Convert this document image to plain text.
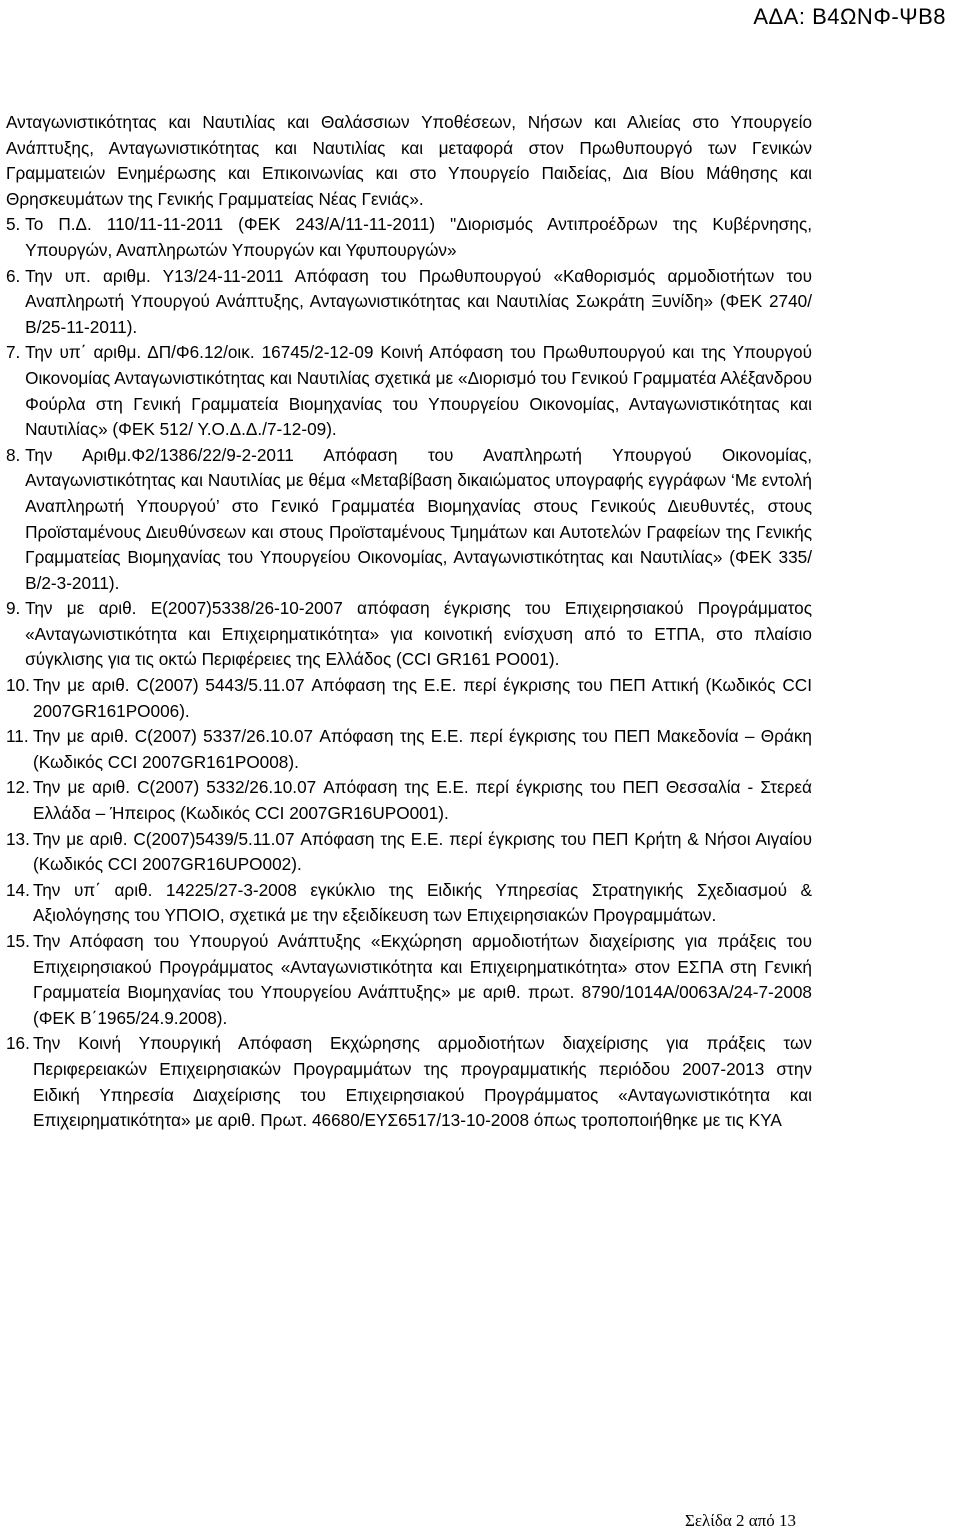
ΑΔΑ: Β4ΩΝΦ-ΨΒ8

Ανταγωνιστικότητας και Ναυτιλίας και Θαλάσσιων Υποθέσεων, Νήσων και Αλιείας στο Υπουργείο Ανάπτυξης, Ανταγωνιστικότητας και Ναυτιλίας και μεταφορά στον Πρωθυπουργό των Γενικών Γραμματειών Ενημέρωσης και Επικοινωνίας και στο Υπουργείο Παιδείας, Δια Βίου Μάθησης και Θρησκευμάτων της Γενικής Γραμματείας Νέας Γενιάς».

5. Το Π.Δ. 110/11-11-2011 (ΦΕΚ 243/Α/11-11-2011) "Διορισμός Αντιπροέδρων της Κυβέρνησης, Υπουργών, Αναπληρωτών Υπουργών και Υφυπουργών»
6. Την υπ. αριθμ. Υ13/24-11-2011 Απόφαση του Πρωθυπουργού «Καθορισμός αρμοδιοτήτων του Αναπληρωτή Υπουργού Ανάπτυξης, Ανταγωνιστικότητας και Ναυτιλίας Σωκράτη Ξυνίδη» (ΦΕΚ 2740/Β/25-11-2011).
7. Την υπ΄ αριθμ. ΔΠ/Φ6.12/οικ. 16745/2-12-09 Κοινή Απόφαση του Πρωθυπουργού και της Υπουργού Οικονομίας Ανταγωνιστικότητας και Ναυτιλίας σχετικά με «Διορισμό του Γενικού Γραμματέα Αλέξανδρου Φούρλα στη Γενική Γραμματεία Βιομηχανίας του Υπουργείου Οικονομίας, Ανταγωνιστικότητας και Ναυτιλίας» (ΦΕΚ 512/ Υ.Ο.Δ.Δ./7-12-09).
8. Την Αριθμ.Φ2/1386/22/9-2-2011 Απόφαση του Αναπληρωτή Υπουργού Οικονομίας, Ανταγωνιστικότητας και Ναυτιλίας με θέμα «Μεταβίβαση δικαιώματος υπογραφής εγγράφων ‘Με εντολή Αναπληρωτή Υπουργού’ στο Γενικό Γραμματέα Βιομηχανίας στους Γενικούς Διευθυντές, στους Προϊσταμένους Διευθύνσεων και στους Προϊσταμένους Τμημάτων και Αυτοτελών Γραφείων της Γενικής Γραμματείας Βιομηχανίας του Υπουργείου Οικονομίας, Ανταγωνιστικότητας και Ναυτιλίας» (ΦΕΚ 335/Β/2-3-2011).
9. Την με αριθ. Ε(2007)5338/26-10-2007 απόφαση έγκρισης του Επιχειρησιακού Προγράμματος «Ανταγωνιστικότητα και Επιχειρηματικότητα» για κοινοτική ενίσχυση από το ΕΤΠΑ, στο πλαίσιο σύγκλισης για τις οκτώ Περιφέρειες της Ελλάδος (CCI GR161 PO001).
10. Την με αριθ. C(2007) 5443/5.11.07 Απόφαση της Ε.Ε. περί έγκρισης του ΠΕΠ Αττική (Κωδικός CCI 2007GR161PO006).
11. Την με αριθ. C(2007) 5337/26.10.07 Απόφαση της Ε.Ε. περί έγκρισης του ΠΕΠ Μακεδονία – Θράκη (Κωδικός CCI 2007GR161PO008).
12. Την με αριθ. C(2007) 5332/26.10.07 Απόφαση της Ε.Ε. περί έγκρισης του ΠΕΠ Θεσσαλία - Στερεά Ελλάδα – Ήπειρος (Κωδικός CCI 2007GR16UPO001).
13. Την με αριθ. C(2007)5439/5.11.07 Απόφαση της Ε.Ε. περί έγκρισης του ΠΕΠ Κρήτη & Νήσοι Αιγαίου (Κωδικός CCI 2007GR16UPO002).
14. Την υπ΄ αριθ. 14225/27-3-2008 εγκύκλιο της Ειδικής Υπηρεσίας Στρατηγικής Σχεδιασμού & Αξιολόγησης του ΥΠΟΙΟ, σχετικά με την εξειδίκευση των Επιχειρησιακών Προγραμμάτων.
15. Την Απόφαση του Υπουργού Ανάπτυξης «Εκχώρηση αρμοδιοτήτων διαχείρισης για πράξεις του Επιχειρησιακού Προγράμματος «Ανταγωνιστικότητα και Επιχειρηματικότητα» στον ΕΣΠΑ στη Γενική Γραμματεία Βιομηχανίας του Υπουργείου Ανάπτυξης» με αριθ. πρωτ. 8790/1014Α/0063Α/24-7-2008 (ΦΕΚ Β΄1965/24.9.2008).
16. Την Κοινή Υπουργική Απόφαση Εκχώρησης αρμοδιοτήτων διαχείρισης για πράξεις των Περιφερειακών Επιχειρησιακών Προγραμμάτων της προγραμματικής περιόδου 2007-2013 στην Ειδική Υπηρεσία Διαχείρισης του Επιχειρησιακού Προγράμματος «Ανταγωνιστικότητα και Επιχειρηματικότητα» με αριθ. Πρωτ. 46680/ΕΥΣ6517/13-10-2008 όπως τροποποιήθηκε με τις ΚΥΑ
Σελίδα 2 από 13
